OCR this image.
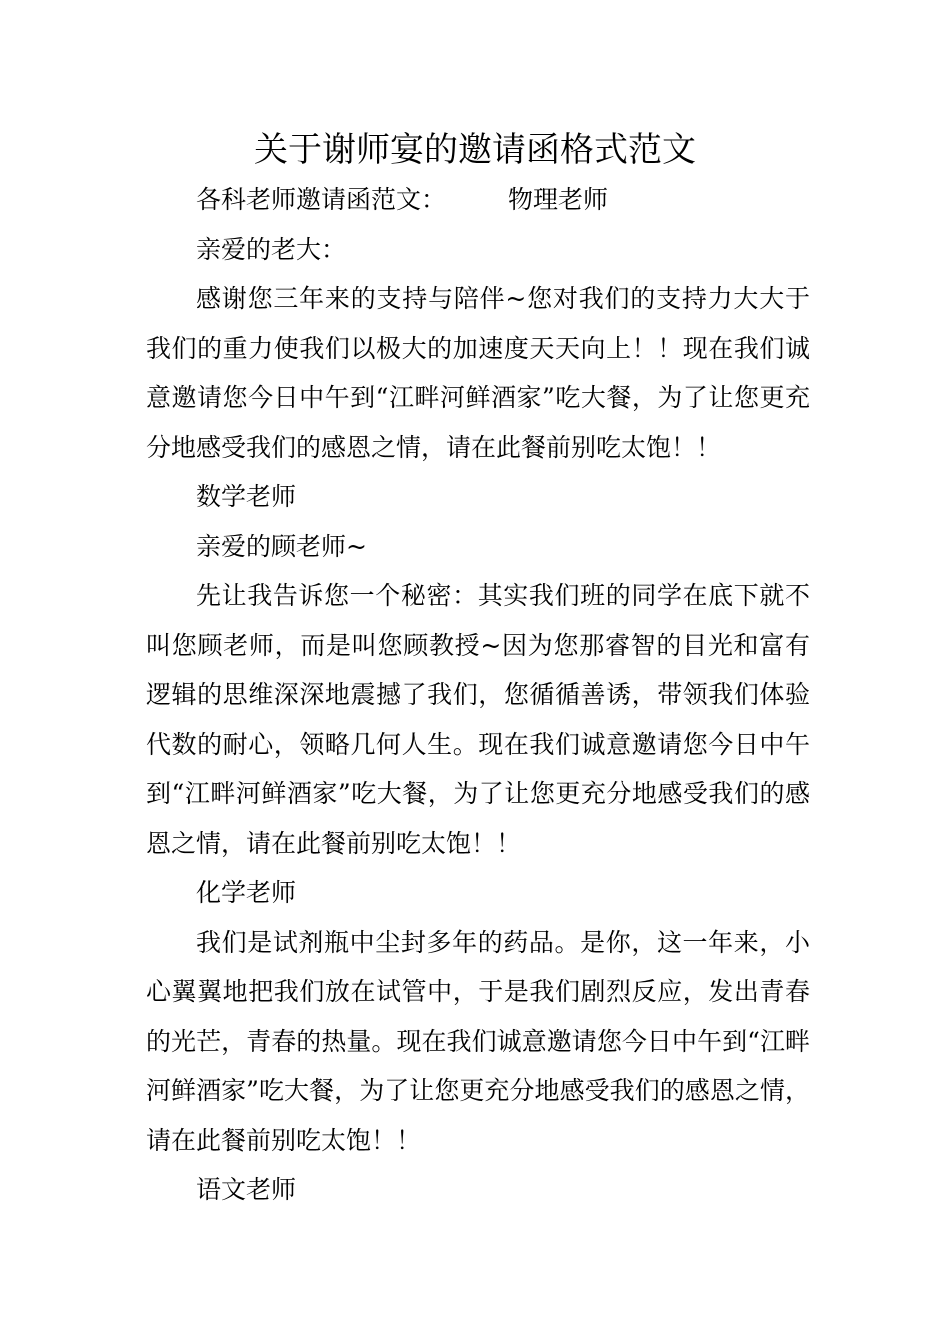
关于谢师宴的邀请函格式范文

各科老师邀请函范文： 物理老师

亲爱的老大：

感谢您三年来的支持与陪伴~您对我们的支持力大大于我们的重力使我们以极大的加速度天天向上！！现在我们诚意邀请您今日中午到“江畔河鲜酒家”吃大餐，为了让您更充分地感受我们的感恩之情，请在此餐前别吃太饱！！

数学老师

亲爱的顾老师~

先让我告诉您一个秘密：其实我们班的同学在底下就不叫您顾老师，而是叫您顾教授~因为您那睿智的目光和富有逻辑的思维深深地震撼了我们，您循循善诱，带领我们体验代数的耐心，领略几何人生。现在我们诚意邀请您今日中午到“江畔河鲜酒家”吃大餐，为了让您更充分地感受我们的感恩之情，请在此餐前别吃太饱！！

化学老师

我们是试剂瓶中尘封多年的药品。是你，这一年来，小心翼翼地把我们放在试管中，于是我们剧烈反应，发出青春的光芒，青春的热量。现在我们诚意邀请您今日中午到“江畔河鲜酒家”吃大餐，为了让您更充分地感受我们的感恩之情，请在此餐前别吃太饱！！

语文老师
